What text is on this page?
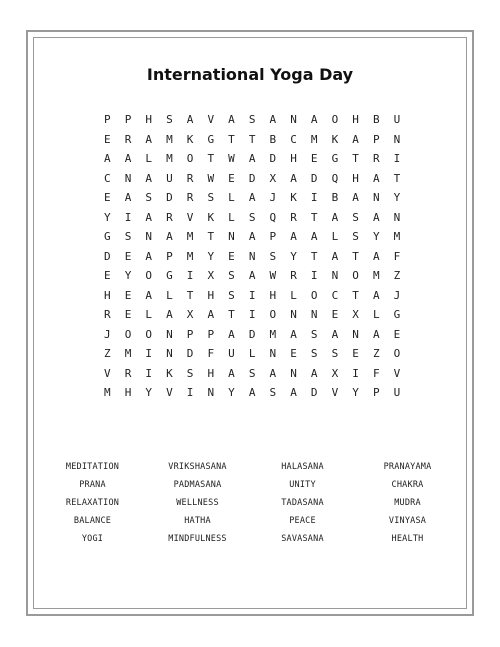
International Yoga Day
P	P	H	S	A	V	A	S	A	N	A	O	H	B	U
E	R	A	M	K	G	T	T	B	C	M	K	A	P	N
A	A	L	M	O	T	W	A	D	H	E	G	T	R	I
C	N	A	U	R	W	E	D	X	A	D	Q	H	A	T
E	A	S	D	R	S	L	A	J	K	I	B	A	N	Y
Y	I	A	R	V	K	L	S	Q	R	T	A	S	A	N
G	S	N	A	M	T	N	A	P	A	A	L	S	Y	M
D	E	A	P	M	Y	E	N	S	Y	T	A	T	A	F
E	Y	O	G	I	X	S	A	W	R	I	N	O	M	Z
H	E	A	L	T	H	S	I	H	L	O	C	T	A	J
R	E	L	A	X	A	T	I	O	N	N	E	X	L	G
J	O	O	N	P	P	A	D	M	A	S	A	N	A	E
Z	M	I	N	D	F	U	L	N	E	S	S	E	Z	O
V	R	I	K	S	H	A	S	A	N	A	X	I	F	V
M	H	Y	V	I	N	Y	A	S	A	D	V	Y	P	U
MEDITATION	VRIKSHASANA	HALASANA	PRANAYAMA
PRANA	PADMASANA	UNITY	CHAKRA
RELAXATION	WELLNESS	TADASANA	MUDRA
BALANCE	HATHA	PEACE	VINYASA
YOGI	MINDFULNESS	SAVASANA	HEALTH
